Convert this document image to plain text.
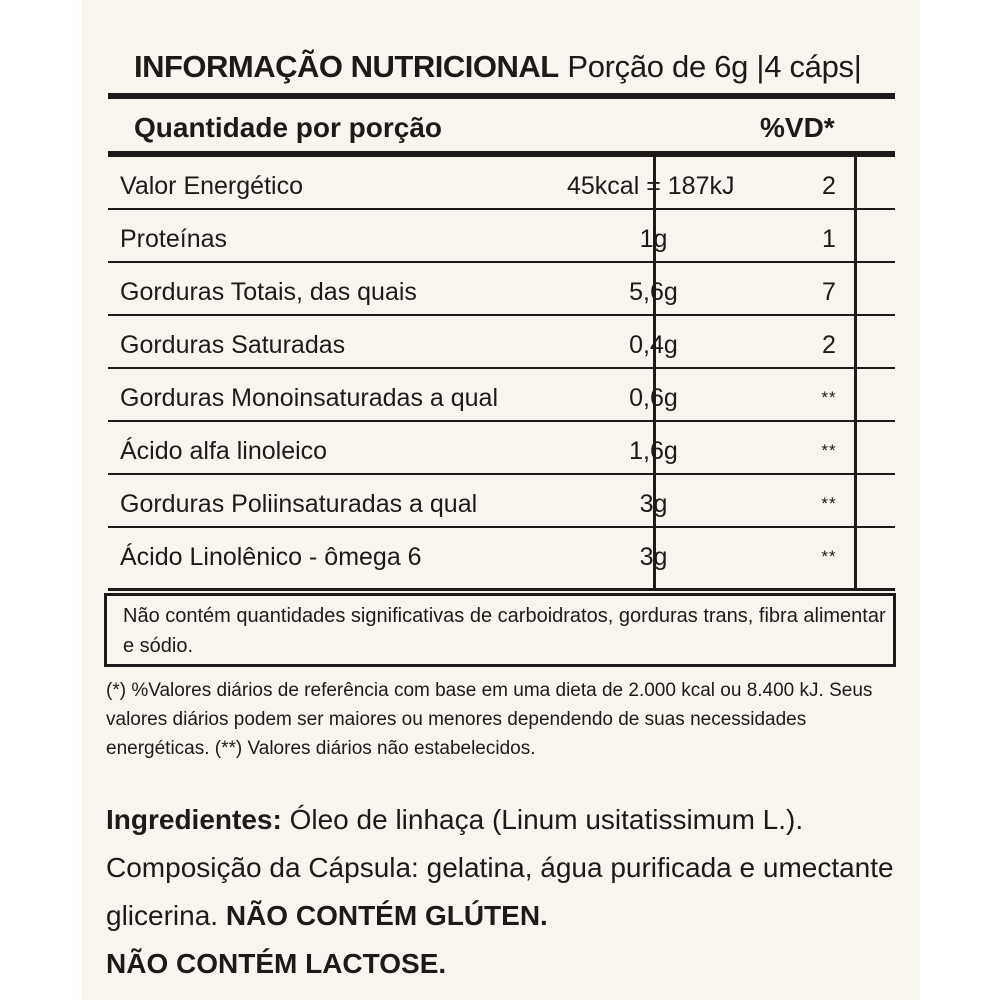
INFORMAÇÃO NUTRICIONAL Porção de 6g |4 cáps|
Quantidade por porção	%VD*
Valor Energético	45kcal = 187kJ	2
Proteínas	1g	1
Gorduras Totais, das quais	5,6g	7
Gorduras Saturadas	0,4g	2
Gorduras Monoinsaturadas a qual	0,6g	**
Ácido alfa linoleico	1,6g	**
Gorduras Poliinsaturadas a qual	3g	**
Ácido Linolênico - ômega 6	3g	**
Não contém quantidades significativas de carboidratos, gorduras trans, fibra alimentar e sódio.
(*) %Valores diários de referência com base em uma dieta de 2.000 kcal ou 8.400 kJ. Seus valores diários podem ser maiores ou menores dependendo de suas necessidades energéticas. (**) Valores diários não estabelecidos.
Ingredientes: Óleo de linhaça (Linum usitatissimum L.). Composição da Cápsula: gelatina, água purificada e umectante glicerina. NÃO CONTÉM GLÚTEN.
NÃO CONTÉM LACTOSE.
